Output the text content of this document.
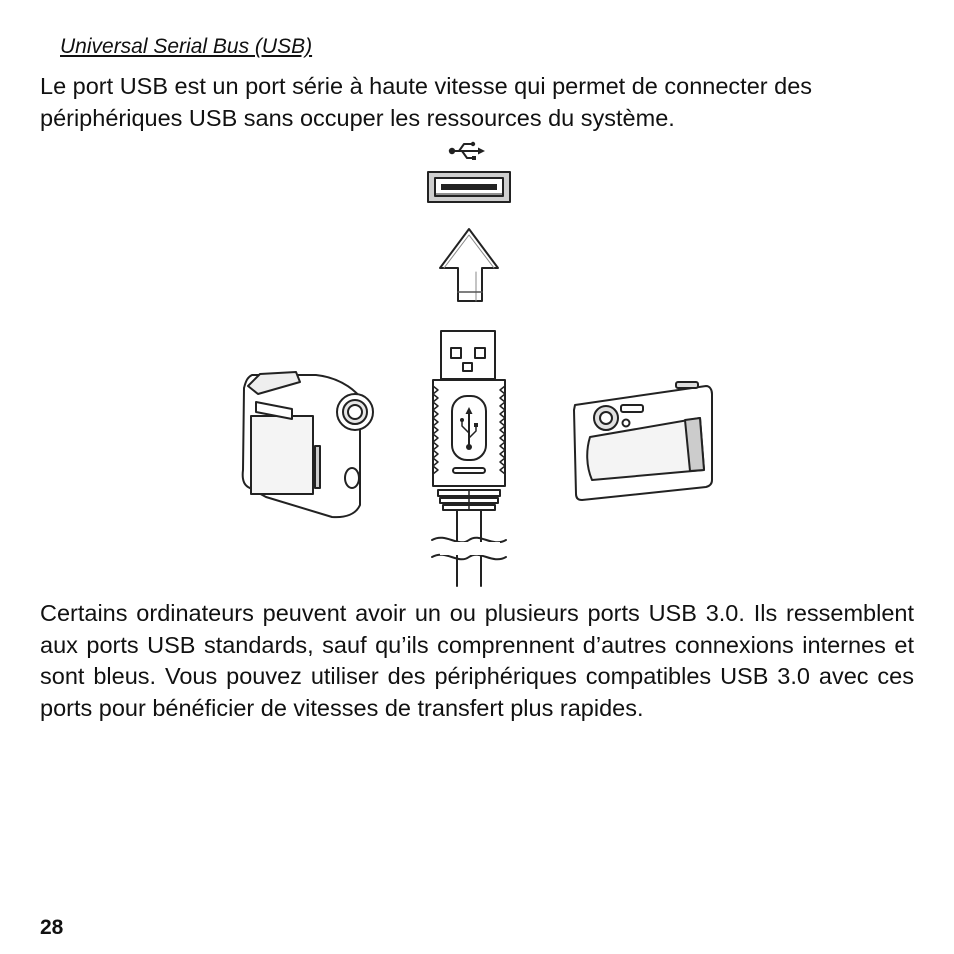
Universal Serial Bus (USB)

Le port USB est un port série à haute vitesse qui permet de connecter des périphériques USB sans occuper les ressources du système.

Certains ordinateurs peuvent avoir un ou plusieurs ports USB 3.0. Ils ressemblent aux ports USB standards, sauf qu’ils comprennent d’autres connexions internes et sont bleus. Vous pouvez utiliser des périphériques compatibles USB 3.0 avec ces ports pour bénéficier de vitesses de transfert plus rapides.

28
